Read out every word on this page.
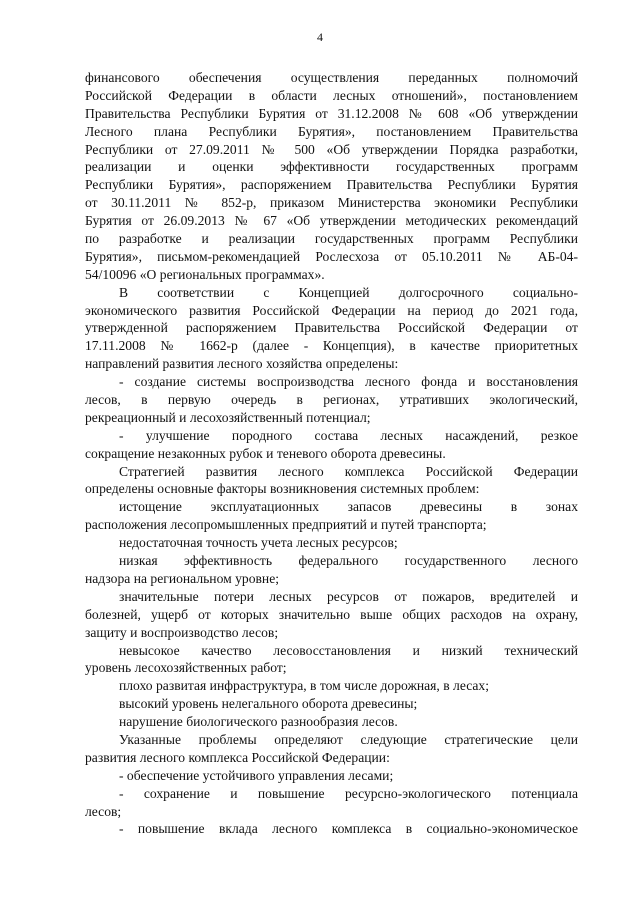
4
финансового обеспечения осуществления переданных полномочий
Российской Федерации в области лесных отношений», постановлением
Правительства Республики Бурятия от 31.12.2008 № 608 «Об утверждении
Лесного плана Республики Бурятия», постановлением Правительства
Республики от 27.09.2011 № 500 «Об утверждении Порядка разработки,
реализации и оценки эффективности государственных программ
Республики Бурятия», распоряжением Правительства Республики Бурятия
от 30.11.2011 № 852-р, приказом Министерства экономики Республики
Бурятия от 26.09.2013 № 67 «Об утверждении методических рекомендаций
по разработке и реализации государственных программ Республики
Бурятия», письмом-рекомендацией Рослесхоза от 05.10.2011 № АБ-04-
54/10096 «О региональных программах».
В соответствии с Концепцией долгосрочного социально-
экономического развития Российской Федерации на период до 2021 года,
утвержденной распоряжением Правительства Российской Федерации от
17.11.2008 № 1662-р (далее - Концепция), в качестве приоритетных
направлений развития лесного хозяйства определены:
- создание системы воспроизводства лесного фонда и восстановления
лесов, в первую очередь в регионах, утративших экологический,
рекреационный и лесохозяйственный потенциал;
- улучшение породного состава лесных насаждений, резкое
сокращение незаконных рубок и теневого оборота древесины.
Стратегией развития лесного комплекса Российской Федерации
определены основные факторы возникновения системных проблем:
истощение эксплуатационных запасов древесины в зонах
расположения лесопромышленных предприятий и путей транспорта;
недостаточная точность учета лесных ресурсов;
низкая эффективность федерального государственного лесного
надзора на региональном уровне;
значительные потери лесных ресурсов от пожаров, вредителей и
болезней, ущерб от которых значительно выше общих расходов на охрану,
защиту и воспроизводство лесов;
невысокое качество лесовосстановления и низкий технический
уровень лесохозяйственных работ;
плохо развитая инфраструктура, в том числе дорожная, в лесах;
высокий уровень нелегального оборота древесины;
нарушение биологического разнообразия лесов.
Указанные проблемы определяют следующие стратегические цели
развития лесного комплекса Российской Федерации:
- обеспечение устойчивого управления лесами;
- сохранение и повышение ресурсно-экологического потенциала
лесов;
- повышение вклада лесного комплекса в социально-экономическое
